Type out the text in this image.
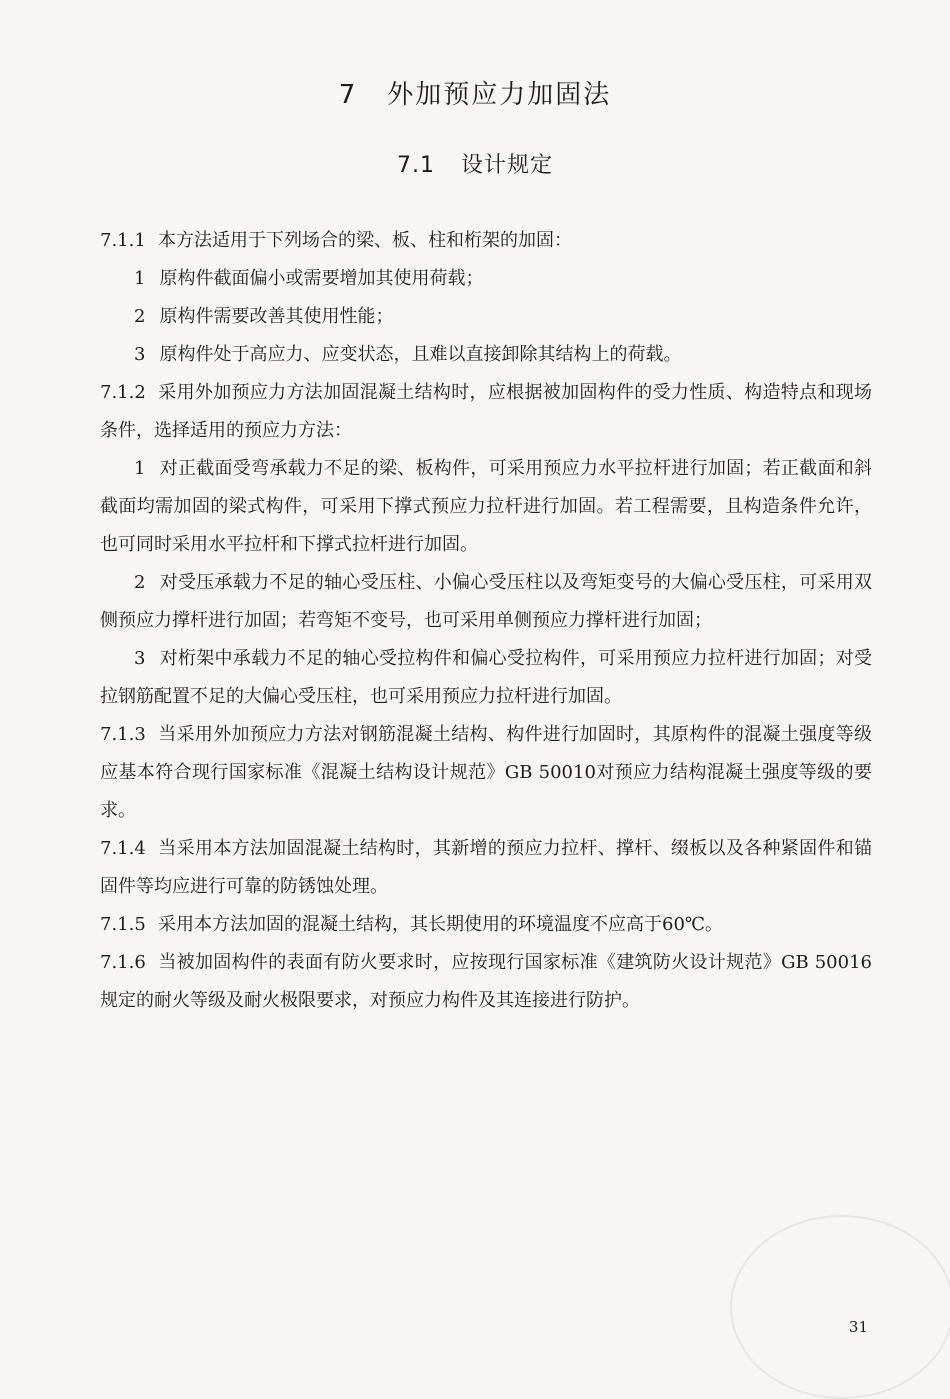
7 外加预应力加固法
7.1 设计规定

7.1.1 本方法适用于下列场合的梁、板、柱和桁架的加固：

1 原构件截面偏小或需要增加其使用荷载；

2 原构件需要改善其使用性能；

3 原构件处于高应力、应变状态，且难以直接卸除其结构上的荷载。

7.1.2 采用外加预应力方法加固混凝土结构时，应根据被加固构件的受力性质、构造特点和现场条件，选择适用的预应力方法：

1 对正截面受弯承载力不足的梁、板构件，可采用预应力水平拉杆进行加固；若正截面和斜截面均需加固的梁式构件，可采用下撑式预应力拉杆进行加固。若工程需要，且构造条件允许，也可同时采用水平拉杆和下撑式拉杆进行加固。

2 对受压承载力不足的轴心受压柱、小偏心受压柱以及弯矩变号的大偏心受压柱，可采用双侧预应力撑杆进行加固；若弯矩不变号，也可采用单侧预应力撑杆进行加固；

3 对桁架中承载力不足的轴心受拉构件和偏心受拉构件，可采用预应力拉杆进行加固；对受拉钢筋配置不足的大偏心受压柱，也可采用预应力拉杆进行加固。

7.1.3 当采用外加预应力方法对钢筋混凝土结构、构件进行加固时，其原构件的混凝土强度等级应基本符合现行国家标准《混凝土结构设计规范》GB 50010对预应力结构混凝土强度等级的要求。

7.1.4 当采用本方法加固混凝土结构时，其新增的预应力拉杆、撑杆、缀板以及各种紧固件和锚固件等均应进行可靠的防锈蚀处理。

7.1.5 采用本方法加固的混凝土结构，其长期使用的环境温度不应高于60℃。

7.1.6 当被加固构件的表面有防火要求时，应按现行国家标准《建筑防火设计规范》GB 50016规定的耐火等级及耐火极限要求，对预应力构件及其连接进行防护。

31
